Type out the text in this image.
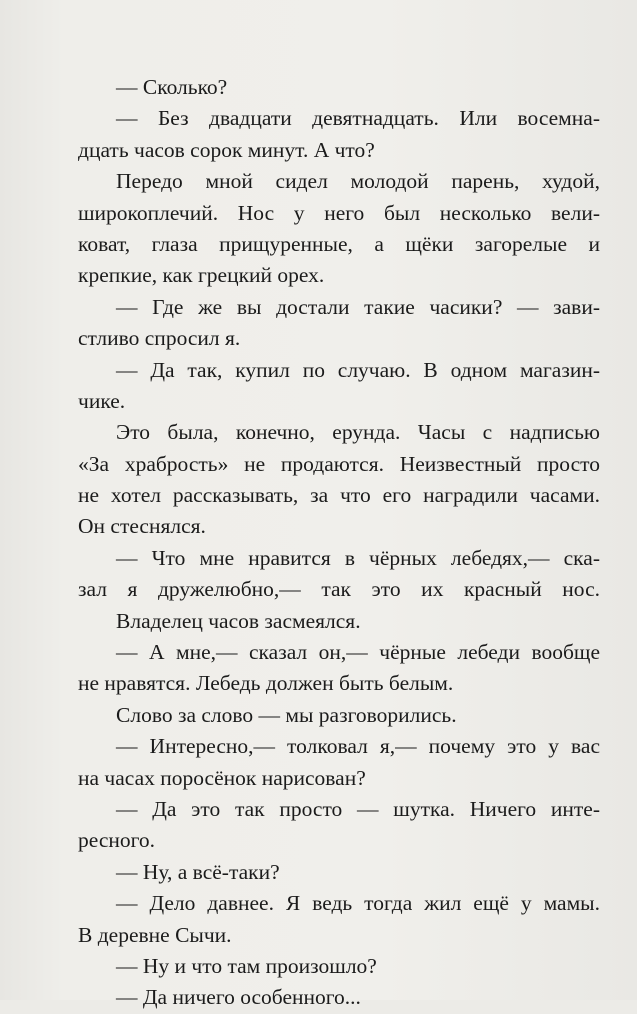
— Сколько?
— Без двадцати девятнадцать. Или восемна-
дцать часов сорок минут. А что?
Передо мной сидел молодой парень, худой,
широкоплечий. Нос у него был несколько вели-
коват, глаза прищуренные, а щёки загорелые и
крепкие, как грецкий орех.
— Где же вы достали такие часики? — зави-
стливо спросил я.
— Да так, купил по случаю. В одном магазин-
чике.
Это была, конечно, ерунда. Часы с надписью
«За храбрость» не продаются. Неизвестный просто
не хотел рассказывать, за что его наградили часами.
Он стеснялся.
— Что мне нравится в чёрных лебедях,— ска-
зал я дружелюбно,— так это их красный нос.
Владелец часов засмеялся.
— А мне,— сказал он,— чёрные лебеди вообще
не нравятся. Лебедь должен быть белым.
Слово за слово — мы разговорились.
— Интересно,— толковал я,— почему это у вас
на часах поросёнок нарисован?
— Да это так просто — шутка. Ничего инте-
ресного.
— Ну, а всё-таки?
— Дело давнее. Я ведь тогда жил ещё у мамы.
В деревне Сычи.
— Ну и что там произошло?
— Да ничего особенного...
